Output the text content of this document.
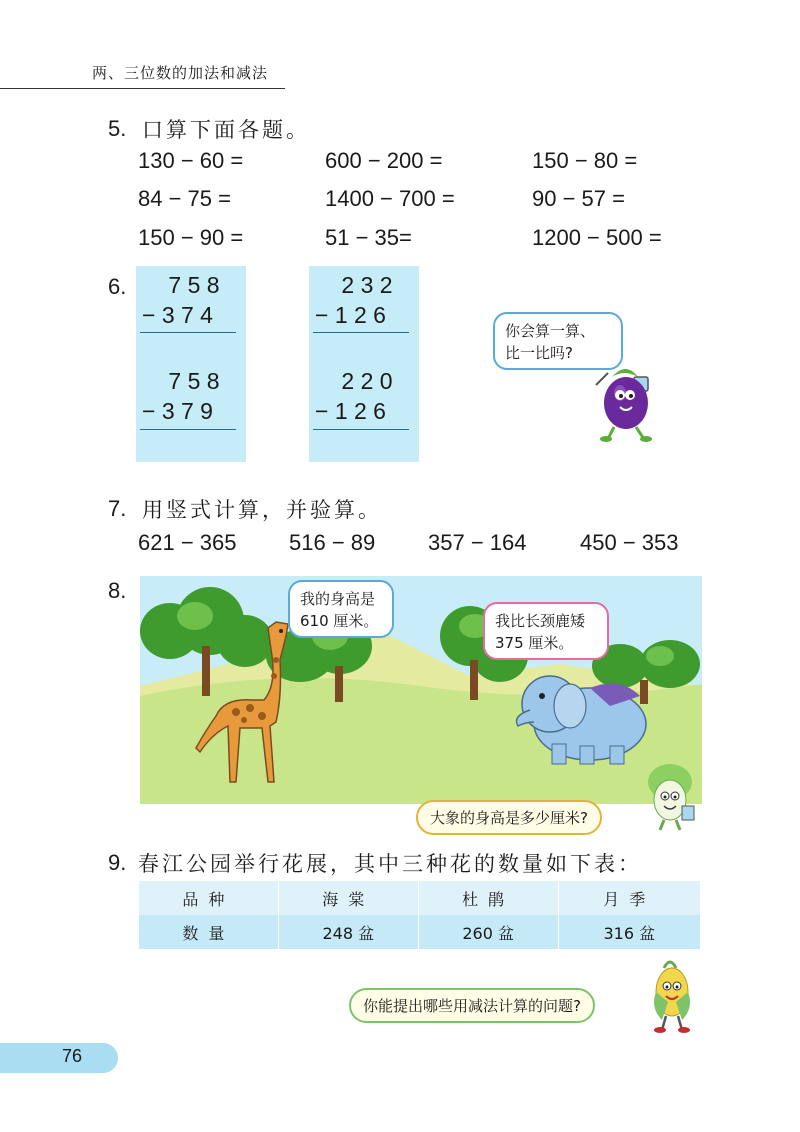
两、三位数的加法和减法
5. 口算下面各题。
130 − 60 =	600 − 200 =	150 − 80 =
84 − 75 =	1400 − 700 =	90 − 57 =
150 − 90 =	51 − 35=	1200 − 500 =
6. 7 5 8
− 3 7 4
7 5 8
− 3 7 9
2 3 2
− 1 2 6
2 2 0
− 1 2 6
你会算一算、
比一比吗?
7. 用竖式计算，并验算。
621 − 365 516 − 89 357 − 164 450 − 353
8.	我的身高是
610 厘米。	我比长颈鹿矮
375 厘米。
大象的身高是多少厘米?
9. 春江公园举行花展，其中三种花的数量如下表：
品种	海棠	杜鹃	月季
数量	248 盆	260 盆	316 盆
你能提出哪些用减法计算的问题?
76
